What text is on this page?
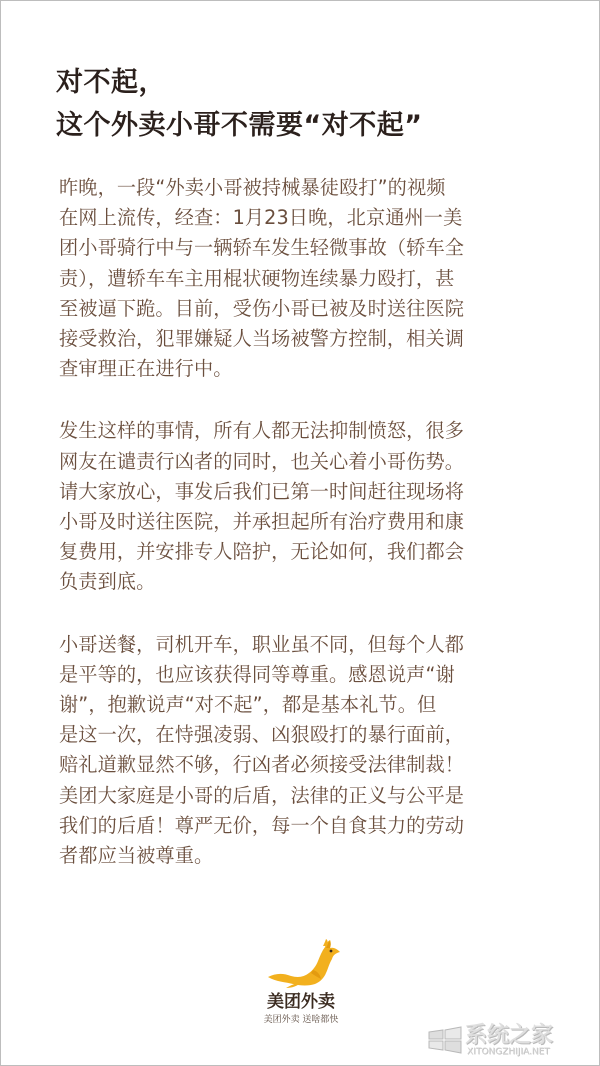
对不起，
这个外卖小哥不需要“对不起”

昨晚，一段“外卖小哥被持械暴徒殴打”的视频
在网上流传，经查：1月23日晚，北京通州一美
团小哥骑行中与一辆轿车发生轻微事故（轿车全
责），遭轿车车主用棍状硬物连续暴力殴打，甚
至被逼下跪。目前，受伤小哥已被及时送往医院
接受救治，犯罪嫌疑人当场被警方控制，相关调
查审理正在进行中。

发生这样的事情，所有人都无法抑制愤怒，很多
网友在谴责行凶者的同时，也关心着小哥伤势。
请大家放心，事发后我们已第一时间赶往现场将
小哥及时送往医院，并承担起所有治疗费用和康
复费用，并安排专人陪护，无论如何，我们都会
负责到底。

小哥送餐，司机开车，职业虽不同，但每个人都
是平等的，也应该获得同等尊重。感恩说声“谢
谢”，抱歉说声“对不起”，都是基本礼节。但
是这一次，在恃强凌弱、凶狠殴打的暴行面前，
赔礼道歉显然不够，行凶者必须接受法律制裁！
美团大家庭是小哥的后盾，法律的正义与公平是
我们的后盾！尊严无价，每一个自食其力的劳动
者都应当被尊重。

美团外卖
美团外卖 送啥都快
系统之家
XITONGZHIJIA.NET
